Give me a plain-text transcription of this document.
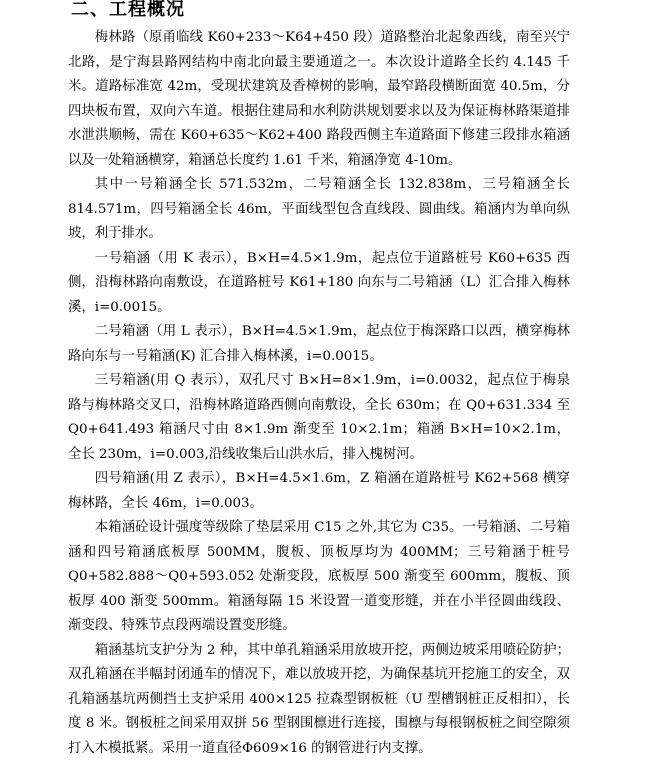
二、工程概况

梅林路（原甬临线 K60+233～K64+450 段）道路整治北起象西线，南至兴宁北路，是宁海县路网结构中南北向最主要通道之一。本次设计道路全长约 4.145 千米。道路标准宽 42m，受现状建筑及香樟树的影响，最窄路段横断面宽 40.5m，分四块板布置，双向六车道。根据住建局和水利防洪规划要求以及为保证梅林路渠道排水泄洪顺畅，需在 K60+635～K62+400 路段西侧主车道路面下修建三段排水箱涵以及一处箱涵横穿，箱涵总长度约 1.61 千米，箱涵净宽 4-10m。

其中一号箱涵全长 571.532m，二号箱涵全长 132.838m，三号箱涵全长 814.571m，四号箱涵全长 46m，平面线型包含直线段、圆曲线。箱涵内为单向纵坡，利于排水。

一号箱涵（用 K 表示），B×H=4.5×1.9m，起点位于道路桩号 K60+635 西侧，沿梅林路向南敷设，在道路桩号 K61+180 向东与二号箱涵（L）汇合排入梅林溪，i=0.0015。

二号箱涵（用 L 表示），B×H=4.5×1.9m，起点位于梅深路口以西，横穿梅林路向东与一号箱涵(K) 汇合排入梅林溪，i=0.0015。

三号箱涵(用 Q 表示），双孔尺寸 B×H=8×1.9m，i=0.0032，起点位于梅泉路与梅林路交叉口，沿梅林路道路西侧向南敷设，全长 630m；在 Q0+631.334 至 Q0+641.493 箱涵尺寸由 8×1.9m 渐变至 10×2.1m；箱涵 B×H=10×2.1m，全长 230m，i=0.003,沿线收集后山洪水后，排入槐树河。

四号箱涵(用 Z 表示），B×H=4.5×1.6m，Z 箱涵在道路桩号 K62+568 横穿梅林路，全长 46m，i=0.003。

本箱涵砼设计强度等级除了垫层采用 C15 之外,其它为 C35。一号箱涵、二号箱涵和四号箱涵底板厚 500MM，腹板、顶板厚均为 400MM；三号箱涵于桩号 Q0+582.888～Q0+593.052 处渐变段，底板厚 500 渐变至 600mm，腹板、顶板厚 400 渐变 500mm。箱涵每隔 15 米设置一道变形缝，并在小半径圆曲线段、渐变段、特殊节点段两端设置变形缝。

箱涵基坑支护分为 2 种，其中单孔箱涵采用放坡开挖，两侧边坡采用喷砼防护；双孔箱涵在半幅封闭通车的情况下，难以放坡开挖，为确保基坑开挖施工的安全，双孔箱涵基坑两侧挡土支护采用 400×125 拉森型钢板桩（U 型槽钢桩正反相扣），长度 8 米。钢板桩之间采用双拼 56 型钢围檩进行连接，围檩与每根钢板桩之间空隙须打入木模抵紧。采用一道直径Φ609×16 的钢管进行内支撑。
